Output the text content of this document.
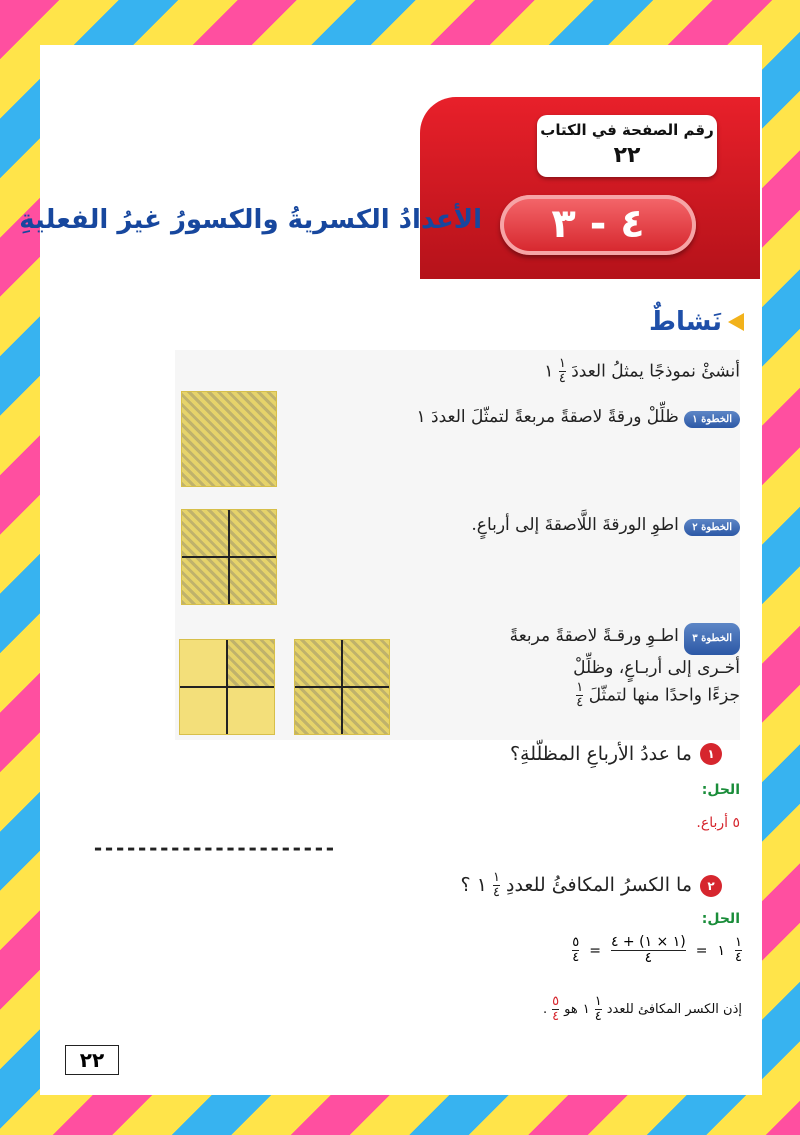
رقم الصفحة في الكتاب
٢٢
٤ - ٣
الأعدادُ الكسريةُ والكسورُ غيرُ الفعليةِ
نَشاطٌ
أنشئْ نموذجًا يمثلُ العددَ
$\frac{١}{٤}$
١
الخطوة ١ ظلِّلْ ورقةً لاصقةً مربعةً لتمثّلَ العددَ ١
الخطوة ٢ اطوِ الورقةَ اللَّاصقةَ إلى أرباعٍ.
الخطوة ٣ اطـوِ ورقـةً لاصقةً مربعةً
أخـرى إلى أربـاعٍ، وظلِّلْ
جزءًا واحدًا منها لتمثّلَ
$\frac{١}{٤}$
١
ما عددُ الأرباعِ المظلّلةِ؟
الحل:
٥ أرباع.
----------------------
٢
ما الكسرُ المكافئُ للعددِ
$\frac{١}{٤}$
١ ؟
الحل:
$\frac{١}{٤}$
١
=
$\frac{(١ \times ١) + ٤}{٤}$
=
$\frac{٥}{٤}$
إذن الكسر المكافئ للعدد
$\frac{١}{٤}$
١
هو
$\frac{٥}{٤}$
.
٢٢
